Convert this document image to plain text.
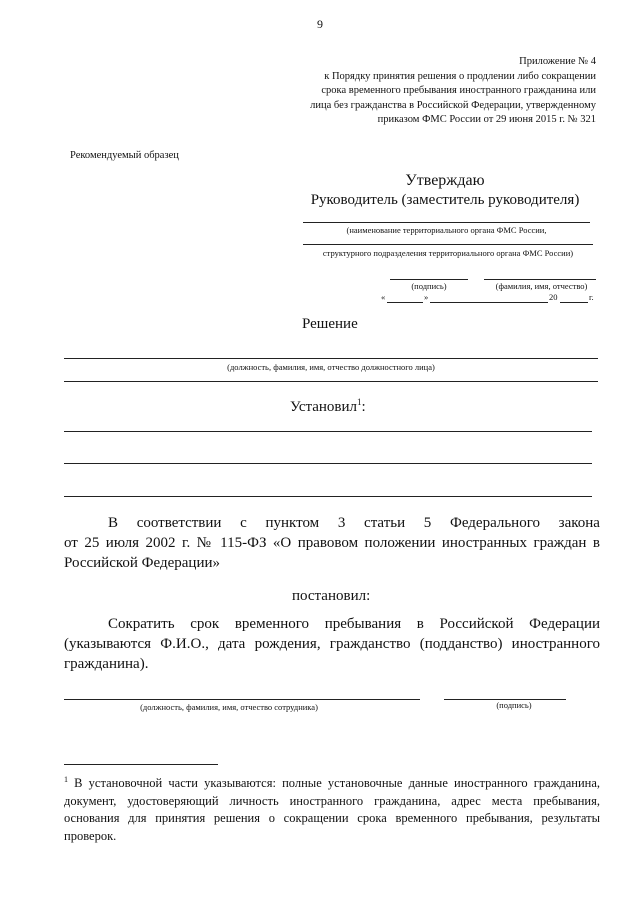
9
Приложение № 4
к Порядку принятия решения о продлении либо сокращении
срока временного пребывания иностранного гражданина или
лица без гражданства в Российской Федерации, утвержденному
приказом ФМС России от 29 июня 2015 г. № 321
Рекомендуемый образец
Утверждаю
Руководитель (заместитель руководителя)
(наименование территориального органа ФМС России,
структурного подразделения территориального органа ФМС России)
(подпись)	(фамилия, имя, отчество)
«	»	20	г.
Решение
(должность, фамилия, имя, отчество должностного лица)
Установил$^1$:
В соответствии с пунктом 3 статьи 5 Федерального закона
от 25 июля 2002 г. № 115-ФЗ «О правовом положении иностранных граждан в
Российской Федерации»
постановил:
Сократить срок временного пребывания в Российской Федерации
(указываются Ф.И.О., дата рождения, гражданство (подданство) иностранного
гражданина).
(должность, фамилия, имя, отчество сотрудника)	(подпись)
$^1$ В установочной части указываются: полные установочные данные иностранного гражданина,
документ, удостоверяющий личность иностранного гражданина, адрес места пребывания,
основания для принятия решения о сокращении срока временного пребывания, результаты
проверок.
